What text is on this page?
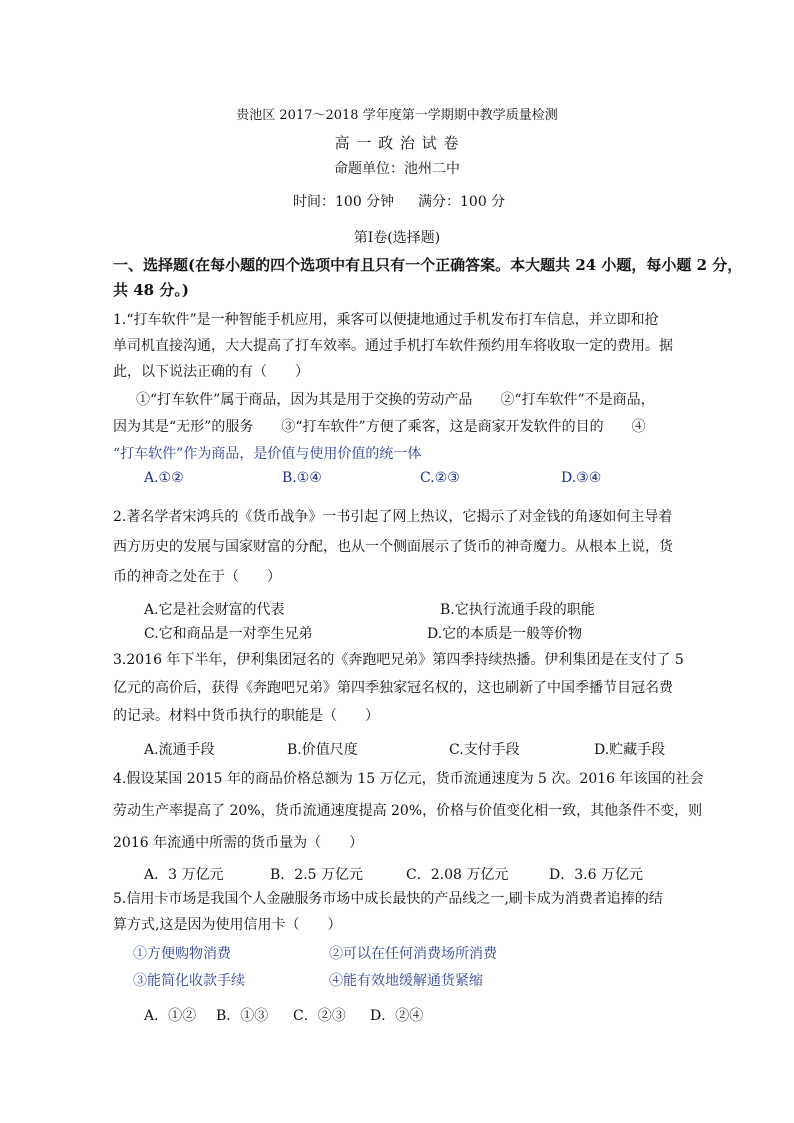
贵池区 2017～2018 学年度第一学期期中教学质量检测
高 一 政 治 试 卷
命题单位：池州二中
时间：100 分钟 满分：100 分
第Ⅰ卷(选择题)
一、选择题(在每小题的四个选项中有且只有一个正确答案。本大题共 24 小题，每小题 2 分，
共 48 分。)
1.“打车软件”是一种智能手机应用，乘客可以便捷地通过手机发布打车信息，并立即和抢
单司机直接沟通，大大提高了打车效率。通过手机打车软件预约用车将收取一定的费用。据
此，以下说法正确的有（　　）
①“打车软件”属于商品，因为其是用于交换的劳动产品　　②“打车软件”不是商品，
因为其是“无形”的服务　　③“打车软件”方便了乘客，这是商家开发软件的目的　　④
“打车软件”作为商品，是价值与使用价值的统一体
A.①②	B.①④	C.②③	D.③④
2.著名学者宋鸿兵的《货币战争》一书引起了网上热议，它揭示了对金钱的角逐如何主导着
西方历史的发展与国家财富的分配，也从一个侧面展示了货币的神奇魔力。从根本上说，货
币的神奇之处在于（　　）
A.它是社会财富的代表	B.它执行流通手段的职能
C.它和商品是一对孪生兄弟	D.它的本质是一般等价物
3.2016 年下半年，伊利集团冠名的《奔跑吧兄弟》第四季持续热播。伊利集团是在支付了 5
亿元的高价后，获得《奔跑吧兄弟》第四季独家冠名权的，这也刷新了中国季播节目冠名费
的记录。材料中货币执行的职能是（　　）
A.流通手段	B.价值尺度	C.支付手段	D.贮藏手段
4.假设某国 2015 年的商品价格总额为 15 万亿元，货币流通速度为 5 次。2016 年该国的社会
劳动生产率提高了 20%，货币流通速度提高 20%，价格与价值变化相一致，其他条件不变，则
2016 年流通中所需的货币量为（　　）
A．3 万亿元	B．2.5 万亿元	C．2.08 万亿元	D．3.6 万亿元
5.信用卡市场是我国个人金融服务市场中成长最快的产品线之一,刷卡成为消费者追捧的结
算方式,这是因为使用信用卡（　　）
①方便购物消费	②可以在任何消费场所消费
③能简化收款手续	④能有效地缓解通货紧缩
A．①② B．①③ C．②③ D．②④
